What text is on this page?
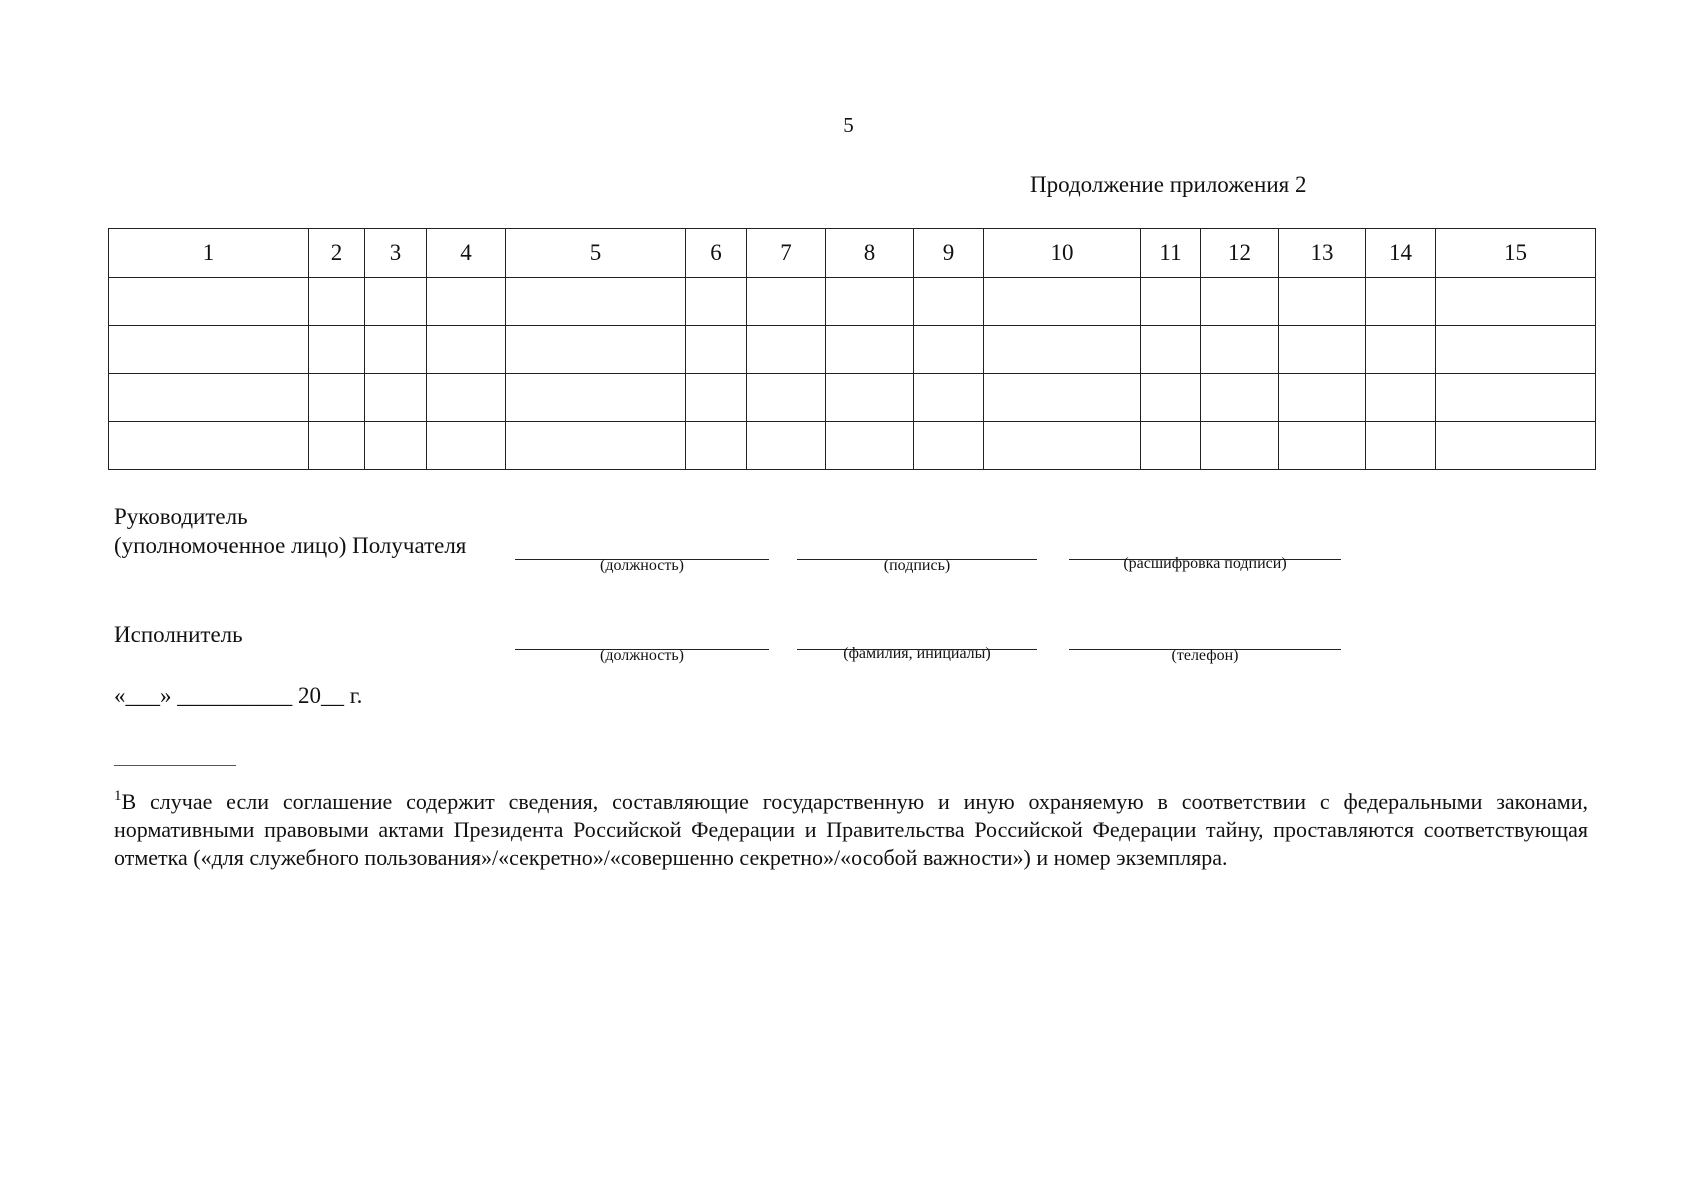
5
Продолжение приложения 2
1	2	3	4	5	6	7	8	9	10	11	12	13	14	15

Руководитель
(уполномоченное лицо) Получателя
(должность)	(подпись)	(расшифровка подписи)
Исполнитель
(должность)	(фамилия, инициалы)	(телефон)
«___» __________ 20__ г.
$^1$В случае если соглашение содержит сведения, составляющие государственную и иную охраняемую в соответствии с федеральными законами, нормативными правовыми актами Президента Российской Федерации и Правительства Российской Федерации тайну, проставляются соответствующая отметка («для служебного пользования»/«секретно»/«совершенно секретно»/«особой важности») и номер экземпляра.
